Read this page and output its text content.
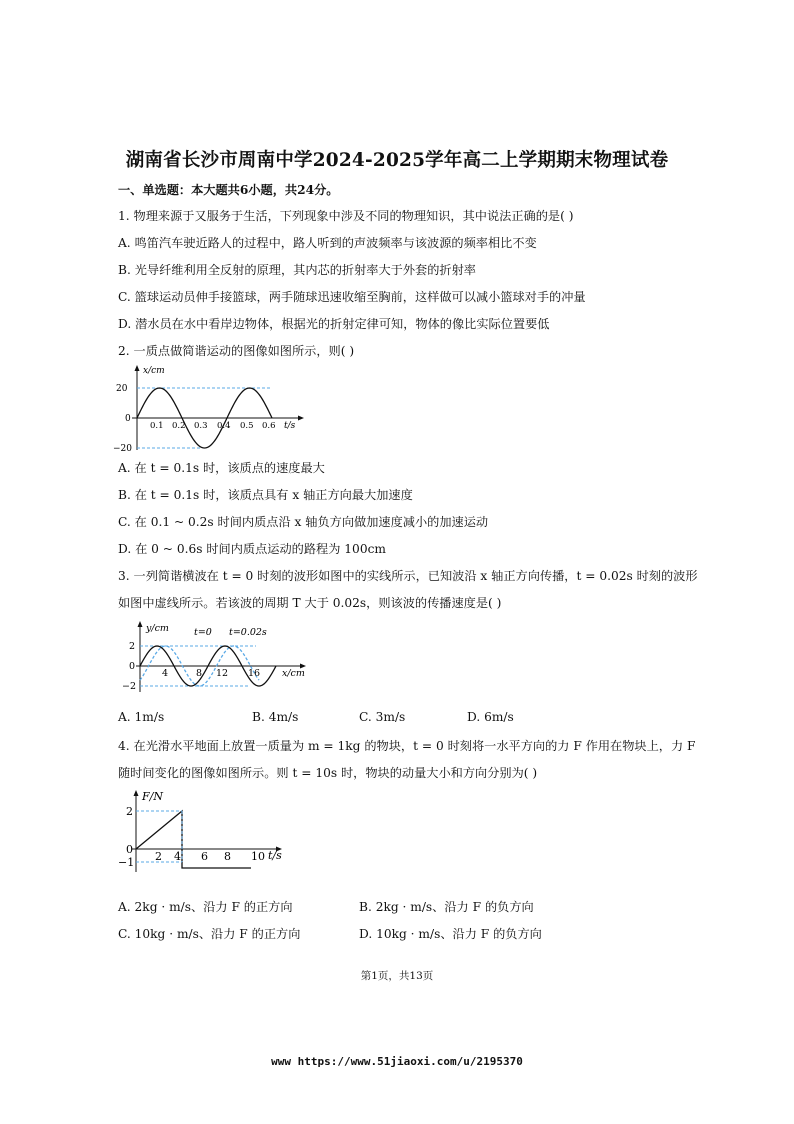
湖南省长沙市周南中学2024-2025学年高二上学期期末物理试卷
一、单选题：本大题共6小题，共24分。
1. 物理来源于又服务于生活，下列现象中涉及不同的物理知识，其中说法正确的是( )
A. 鸣笛汽车驶近路人的过程中，路人听到的声波频率与该波源的频率相比不变
B. 光导纤维利用全反射的原理，其内芯的折射率大于外套的折射率
C. 篮球运动员伸手接篮球，两手随球迅速收缩至胸前，这样做可以减小篮球对手的冲量
D. 潜水员在水中看岸边物体，根据光的折射定律可知，物体的像比实际位置要低
2. 一质点做简谐运动的图像如图所示，则( )
x/cm
t/s
20
0
−20
0.1 0.2 0.3 0.4 0.5 0.6
A. 在 t = 0.1s 时，该质点的速度最大
B. 在 t = 0.1s 时，该质点具有 x 轴正方向最大加速度
C. 在 0.1 ~ 0.2s 时间内质点沿 x 轴负方向做加速度减小的加速运动
D. 在 0 ~ 0.6s 时间内质点运动的路程为 100cm
3. 一列简谐横波在 t = 0 时刻的波形如图中的实线所示，已知波沿 x 轴正方向传播，t = 0.02s 时刻的波形
如图中虚线所示。若该波的周期 T 大于 0.02s，则该波的传播速度是( )
y/cm
x/cm
t=0 t=0.02s
2
0
−2
4	8 12 16
A. 1m/s	B. 4m/s	C. 3m/s	D. 6m/s
4. 在光滑水平地面上放置一质量为 m = 1kg 的物块，t = 0 时刻将一水平方向的力 F 作用在物块上，力 F
随时间变化的图像如图所示。则 t = 10s 时，物块的动量大小和方向分别为( )
F/N
t/s
2
0
−1 2 4 6 8 10
A. 2kg · m/s、沿力 F 的正方向	B. 2kg · m/s、沿力 F 的负方向
C. 10kg · m/s、沿力 F 的正方向	D. 10kg · m/s、沿力 F 的负方向
第1页，共13页
www https://www.51jiaoxi.com/u/2195370
